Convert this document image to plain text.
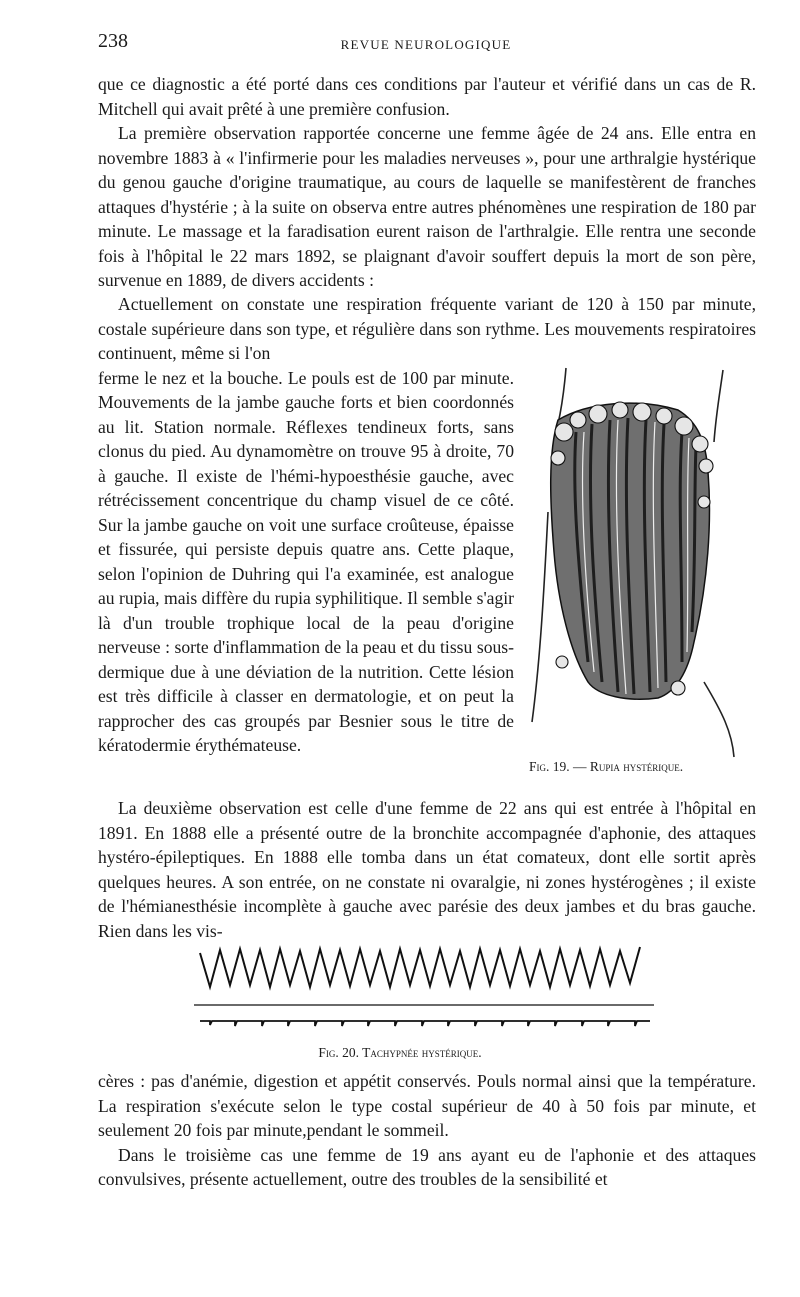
238	REVUE NEUROLOGIQUE

que ce diagnostic a été porté dans ces conditions par l'auteur et vérifié dans un cas de R. Mitchell qui avait prêté à une première confusion.

La première observation rapportée concerne une femme âgée de 24 ans. Elle entra en novembre 1883 à « l'infirmerie pour les maladies nerveuses », pour une arthralgie hystérique du genou gauche d'origine traumatique, au cours de laquelle se manifestèrent de franches attaques d'hystérie ; à la suite on observa entre autres phénomènes une respiration de 180 par minute. Le massage et la faradisation eurent raison de l'arthralgie. Elle rentra une seconde fois à l'hôpital le 22 mars 1892, se plaignant d'avoir souffert depuis la mort de son père, survenue en 1889, de divers accidents :

Actuellement on constate une respiration fréquente variant de 120 à 150 par minute, costale supérieure dans son type, et régulière dans son rythme. Les mouvements respiratoires continuent, même si l'on

ferme le nez et la bouche. Le pouls est de 100 par minute. Mouvements de la jambe gauche forts et bien coordonnés au lit. Station normale. Réflexes tendineux forts, sans clonus du pied. Au dynamomètre on trouve 95 à droite, 70 à gauche. Il existe de l'hémi-hypoesthésie gauche, avec rétrécissement concentrique du champ visuel de ce côté. Sur la jambe gauche on voit une surface croûteuse, épaisse et fissurée, qui persiste depuis quatre ans. Cette plaque, selon l'opinion de Duhring qui l'a examinée, est analogue au rupia, mais diffère du rupia syphilitique. Il semble s'agir là d'un trouble trophique local de la peau d'origine nerveuse : sorte d'inflammation de la peau et du tissu sous-dermique due à une déviation de la nutrition. Cette lésion est très difficile à classer en dermatologie, et on peut la rapprocher des cas groupés par Besnier sous le titre de kératodermie érythémateuse.

Fig. 19. — Rupia hystérique.

La deuxième observation est celle d'une femme de 22 ans qui est entrée à l'hôpital en 1891. En 1888 elle a présenté outre de la bronchite accompagnée d'aphonie, des attaques hystéro-épileptiques. En 1888 elle tomba dans un état comateux, dont elle sortit après quelques heures. A son entrée, on ne constate ni ovaralgie, ni zones hystérogènes ; il existe de l'hémianesthésie incomplète à gauche avec parésie des deux jambes et du bras gauche. Rien dans les vis-

Fig. 20. Tachypnée hystérique.

cères : pas d'anémie, digestion et appétit conservés. Pouls normal ainsi que la température. La respiration s'exécute selon le type costal supérieur de 40 à 50 fois par minute, et seulement 20 fois par minute,pendant le sommeil.

Dans le troisième cas une femme de 19 ans ayant eu de l'aphonie et des attaques convulsives, présente actuellement, outre des troubles de la sensibilité et
